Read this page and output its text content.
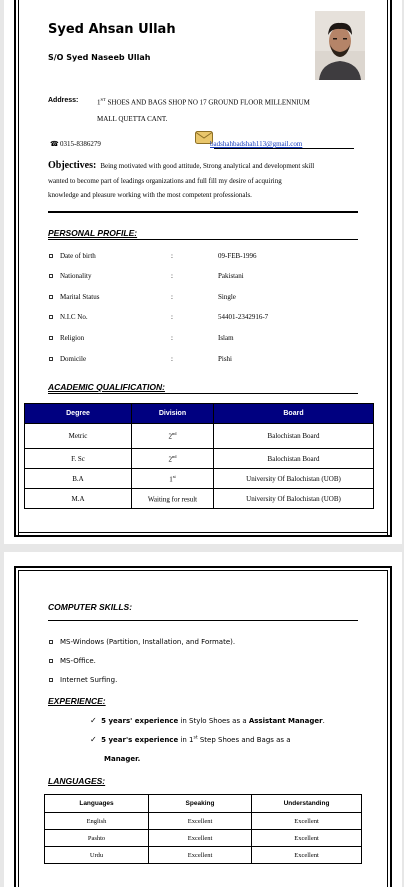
Syed Ahsan Ullah
S/O Syed Naseeb Ullah
Address:	1ST SHOES AND BAGS SHOP NO 17 GROUND FLOOR MILLENNIUM
MALL QUETTA CANT.
☎ 0315-8386279	badshahbadshah113@gmail.com
Objectives: Being motivated with good attitude, Strong analytical and development skill
wanted to become part of leadings organizations and full fill my desire of acquiring
knowledge and pleasure working with the most competent professionals.
PERSONAL PROFILE:
Date of birth	:	09-FEB-1996
Nationality	:	Pakistani
Marital Status	:	Single
N.I.C No.	:	54401-2342916-7
Religion	:	Islam
Domicile	:	Pishi
ACADEMIC QUALIFICATION:
Degree	Division	Board
Metric	2nd	Balochistan Board
F. Sc	2nd	Balochistan Board
B.A	1st	University Of Balochistan (UOB)
M.A	Waiting for result	University Of Balochistan (UOB)
COMPUTER SKILLS:
MS-Windows (Partition, Installation, and Formate).
MS-Office.
Internet Surfing.
EXPERIENCE:
✓ 5 years' experience in Stylo Shoes as a Assistant Manager.
✓ 5 year's experience in 1st Step Shoes and Bags as a
Manager.
LANGUAGES:
Languages	Speaking	Understanding
English	Excellent	Excellent
Pashto	Excellent	Excellent
Urdu	Excellent	Excellent
